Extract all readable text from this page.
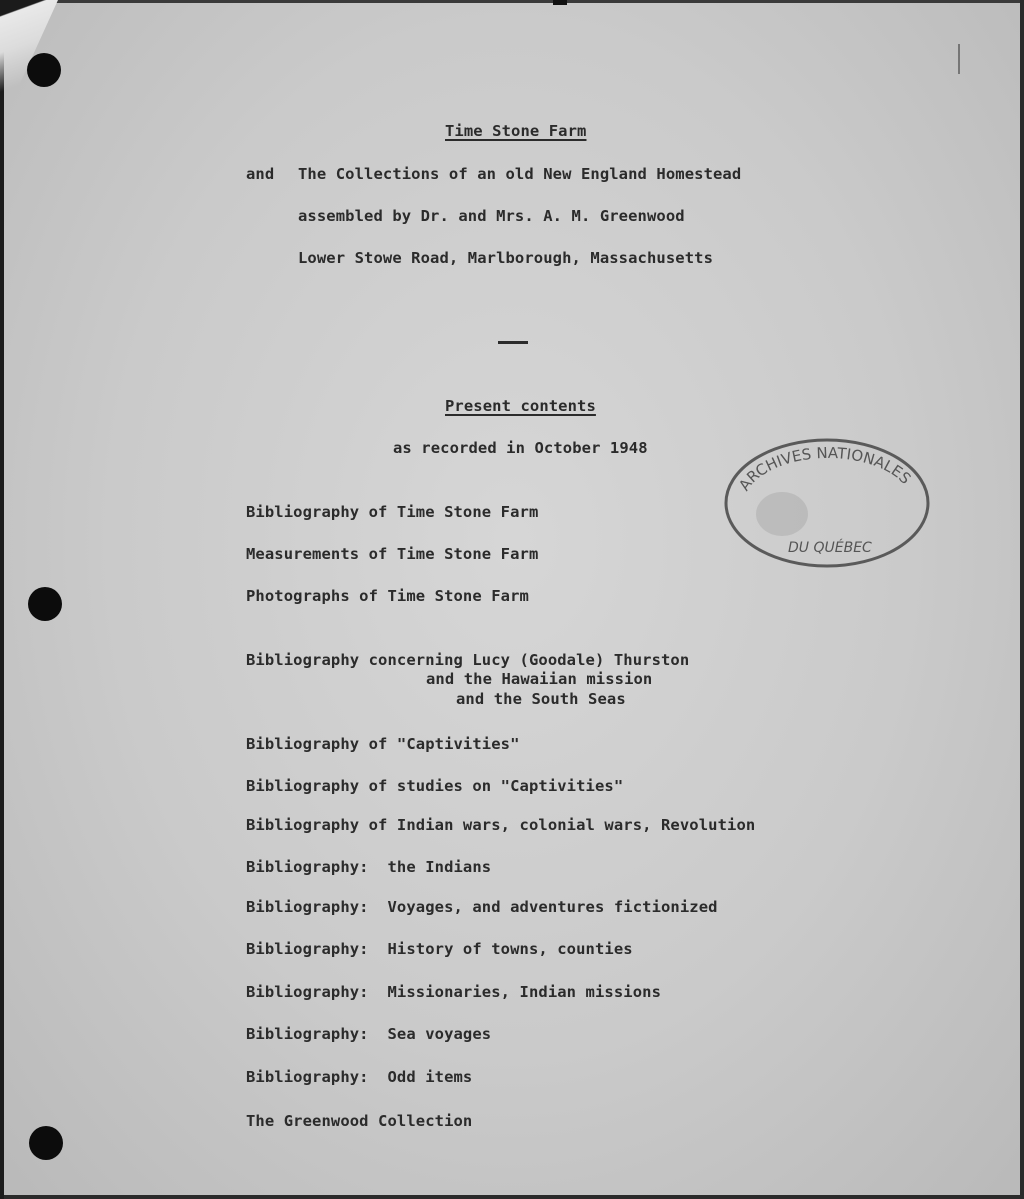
Time Stone Farm

and The Collections of an old New England Homestead

assembled by Dr. and Mrs. A. M. Greenwood

Lower Stowe Road, Marlborough, Massachusetts

Present contents

as recorded in October 1948

ARCHIVES NATIONALES
DU QUÉBEC

Bibliography of Time Stone Farm

Measurements of Time Stone Farm

Photographs of Time Stone Farm

Bibliography concerning Lucy (Goodale) Thurston

and the Hawaiian mission

and the South Seas

Bibliography of "Captivities"

Bibliography of studies on "Captivities"

Bibliography of Indian wars, colonial wars, Revolution

Bibliography:  the Indians

Bibliography:  Voyages, and adventures fictionized

Bibliography:  History of towns, counties

Bibliography:  Missionaries, Indian missions

Bibliography:  Sea voyages

Bibliography:  Odd items

The Greenwood Collection
